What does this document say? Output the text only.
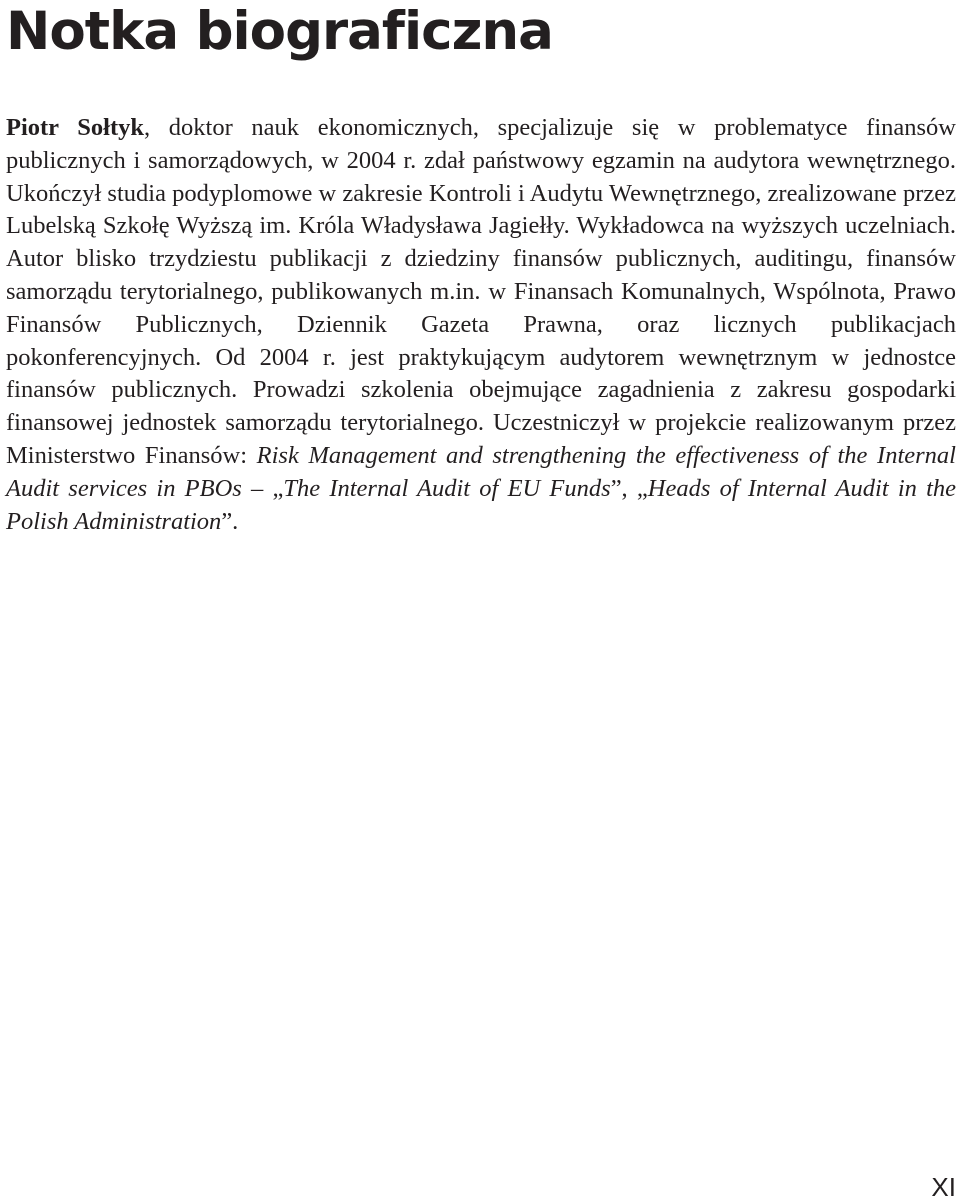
Notka biograficzna

Piotr Sołtyk, doktor nauk ekonomicznych, specjalizuje się w problematyce finansów publicznych i samorządowych, w 2004 r. zdał państwowy egzamin na audytora wewnętrznego. Ukończył studia podyplomowe w zakresie Kontroli i Audytu Wewnętrznego, zrealizowane przez Lubelską Szkołę Wyższą im. Króla Władysława Jagiełły. Wykładowca na wyższych uczelniach. Autor blisko trzydziestu publikacji z dziedziny finansów publicznych, auditingu, finansów samorządu terytorialnego, publikowanych m.in. w Finansach Komunalnych, Wspólnota, Prawo Finansów Publicznych, Dziennik Gazeta Prawna, oraz licznych publikacjach pokonferencyjnych. Od 2004 r. jest praktykującym audytorem wewnętrznym w jednostce finansów publicznych. Prowadzi szkolenia obejmujące zagadnienia z zakresu gospodarki finansowej jednostek samorządu terytorialnego. Uczestniczył w projekcie realizowanym przez Ministerstwo Finansów: Risk Management and strengthening the effectiveness of the Internal Audit services in PBOs – „The Internal Audit of EU Funds”, „Heads of Internal Audit in the Polish Administration”.

XI
